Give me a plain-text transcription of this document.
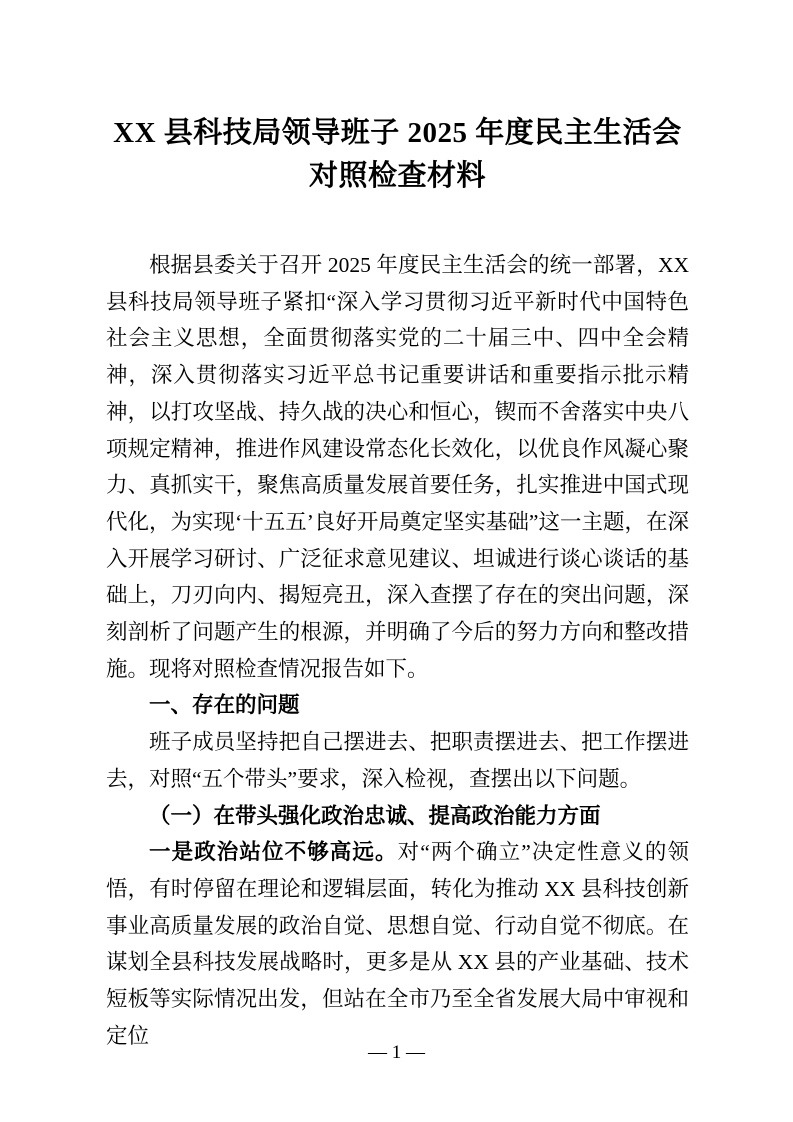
XX 县科技局领导班子 2025 年度民主生活会对照检查材料

根据县委关于召开 2025 年度民主生活会的统一部署，XX 县科技局领导班子紧扣“深入学习贯彻习近平新时代中国特色社会主义思想，全面贯彻落实党的二十届三中、四中全会精神，深入贯彻落实习近平总书记重要讲话和重要指示批示精神，以打攻坚战、持久战的决心和恒心，锲而不舍落实中央八项规定精神，推进作风建设常态化长效化，以优良作风凝心聚力、真抓实干，聚焦高质量发展首要任务，扎实推进中国式现代化，为实现‘十五五’良好开局奠定坚实基础”这一主题，在深入开展学习研讨、广泛征求意见建议、坦诚进行谈心谈话的基础上，刀刃向内、揭短亮丑，深入查摆了存在的突出问题，深刻剖析了问题产生的根源，并明确了今后的努力方向和整改措施。现将对照检查情况报告如下。

一、存在的问题

班子成员坚持把自己摆进去、把职责摆进去、把工作摆进去，对照“五个带头”要求，深入检视，查摆出以下问题。

（一）在带头强化政治忠诚、提高政治能力方面

一是政治站位不够高远。对“两个确立”决定性意义的领悟，有时停留在理论和逻辑层面，转化为推动 XX 县科技创新事业高质量发展的政治自觉、思想自觉、行动自觉不彻底。在谋划全县科技发展战略时，更多是从 XX 县的产业基础、技术短板等实际情况出发，但站在全市乃至全省发展大局中审视和定位

— 1 —
